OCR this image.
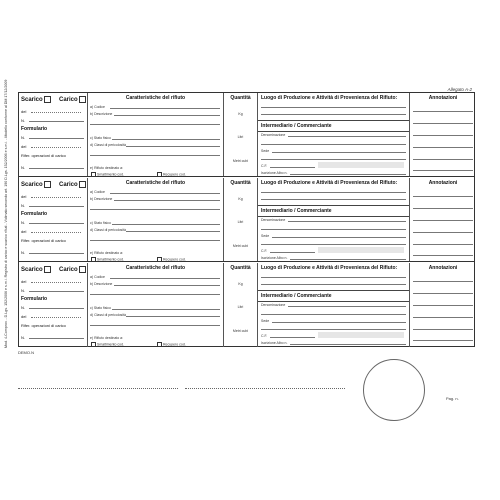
Mod. 4-Comprov. - D.Lgs. 152/2006 e s.m.i. Registro di carico e scarico rifiuti - Vidimato secondo art. 190 D.Lgs. 152/2006 e s.m.i. - Modello conforme al DM 17/12/2009	Allegato A-2
Scarico	Carico
del
N.
Formulario
N.
del
Rifer. operazioni di carico
N.
Caratteristiche del rifiuto
a) Codice
b) Descrizione
c) Stato fisico
d) Classi di pericolosità
e) Rifiuto destinato a:
Smaltimento cod.	Recupero cod.
Quantità
Kg
Litri
Metri cubi
Luogo di Produzione e Attività di Provenienza del Rifiuto:
Intermediario / Commerciante
Denominazione
Sede
C.F.
Iscrizione Albo n.
Annotazioni
Scarico	Carico
del
N.
Formulario
N.
del
Rifer. operazioni di carico
N.
Caratteristiche del rifiuto
a) Codice
b) Descrizione
c) Stato fisico
d) Classi di pericolosità
e) Rifiuto destinato a:
Smaltimento cod.	Recupero cod.
Quantità
Kg
Litri
Metri cubi
Luogo di Produzione e Attività di Provenienza del Rifiuto:
Intermediario / Commerciante
Denominazione
Sede
C.F.
Iscrizione Albo n.
Annotazioni
Scarico	Carico
del
N.
Formulario
N.
del
Rifer. operazioni di carico
N.
Caratteristiche del rifiuto
a) Codice
b) Descrizione
c) Stato fisico
d) Classi di pericolosità
e) Rifiuto destinato a:
Smaltimento cod.	Recupero cod.
Quantità
Kg
Litri
Metri cubi
Luogo di Produzione e Attività di Provenienza del Rifiuto:
Intermediario / Commerciante
Denominazione
Sede
C.F.
Iscrizione Albo n.
Annotazioni
DEMO.N
Pag. n.
